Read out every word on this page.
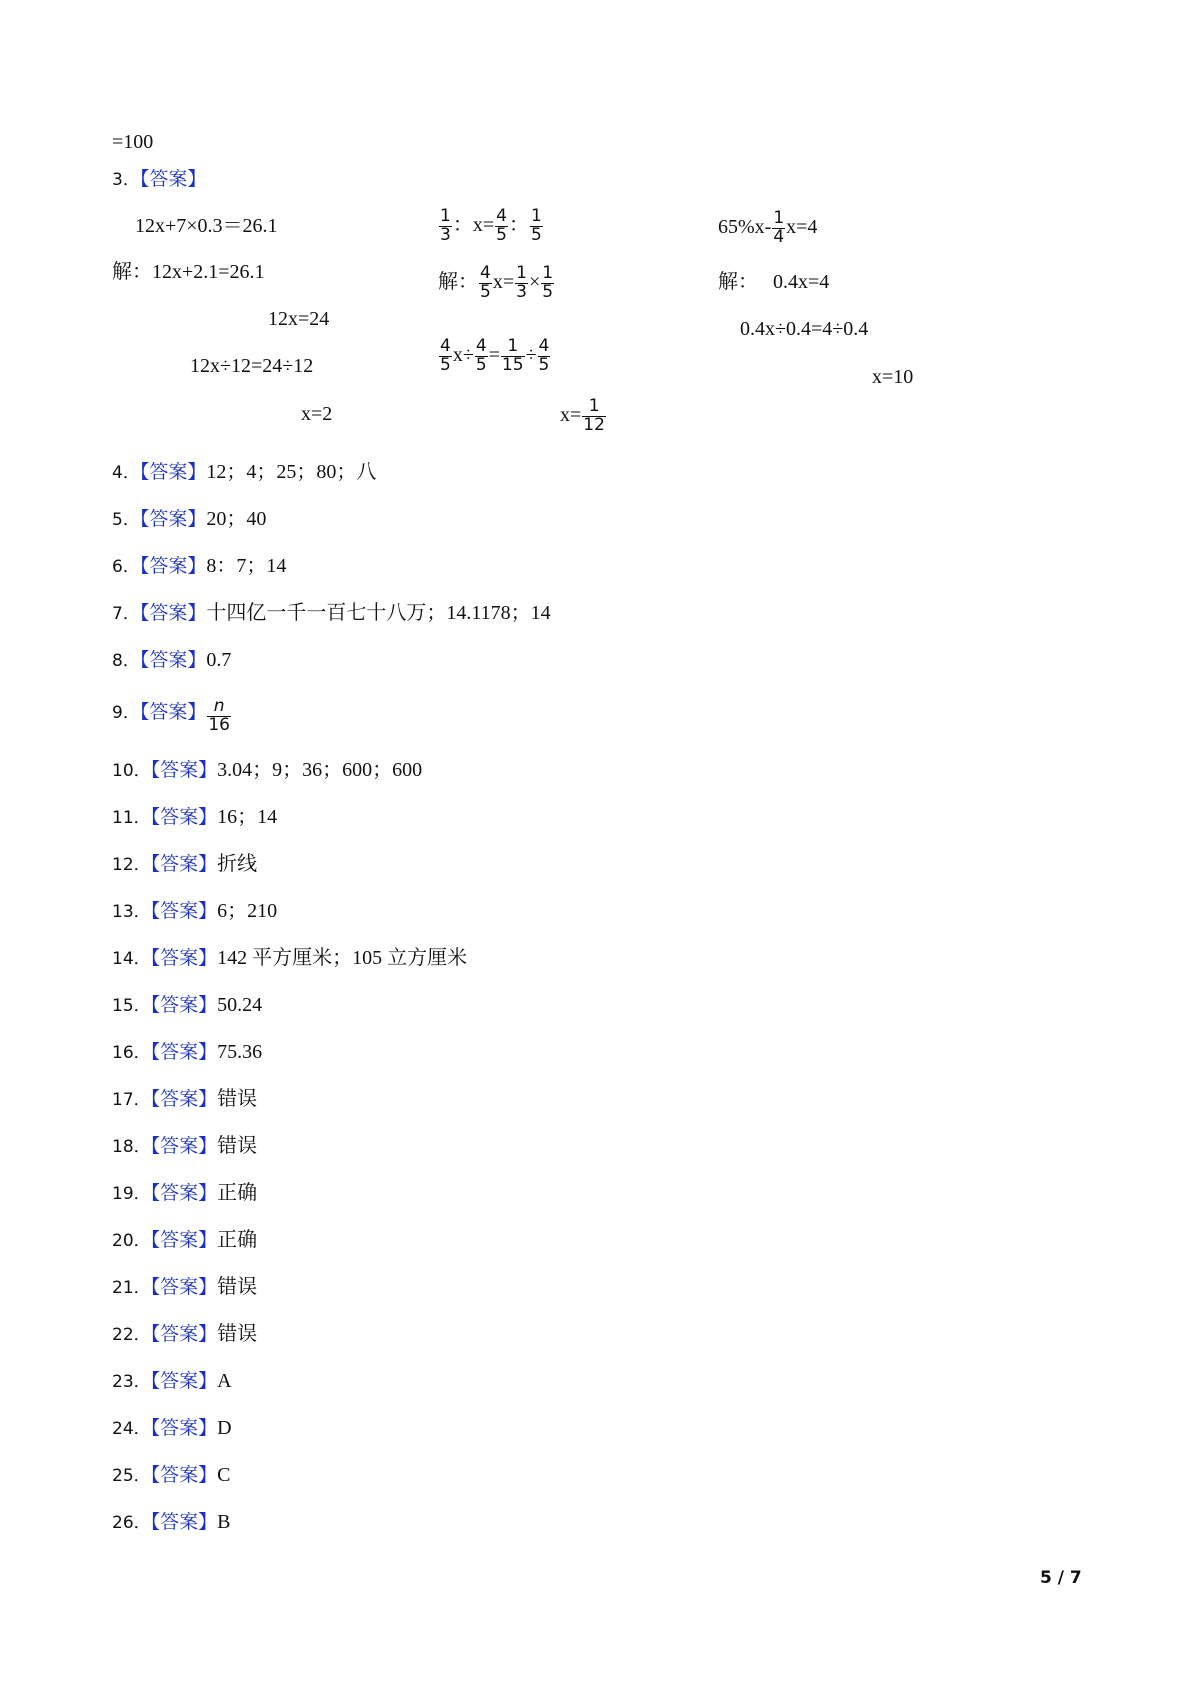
=100
3．【答案】
12x+7×0.3＝26.1
解：12x+2.1=26.1
12x=24
12x÷12=24÷12
x=2
$\frac{1}{3}$ ：$x= \frac{4}{5}$ ： $\frac{1}{5}$
解： $\frac{4}{5} x= \frac{1}{3} \times \frac{1}{5}$
$\frac{4}{5} x\div \frac{4}{5} = \frac{1}{15} \div \frac{4}{5}$
$x= \frac{1}{12}$
$65\%x- \frac{1}{4} x=4$
解：　 0.4x=4
0.4x÷0.4=4÷0.4
x=10
4．【答案】12；4；25；80；八
5．【答案】20；40
6．【答案】8：7；14
7．【答案】十四亿一千一百七十八万；14.1178；14
8．【答案】0.7
9．【答案】 $\frac{n}{16}$
10．【答案】3.04；9；36；600；600
11．【答案】16；14
12．【答案】折线
13．【答案】6；210
14．【答案】142 平方厘米；105 立方厘米
15．【答案】50.24
16．【答案】75.36
17．【答案】错误
18．【答案】错误
19．【答案】正确
20．【答案】正确
21．【答案】错误
22．【答案】错误
23．【答案】A
24．【答案】D
25．【答案】C
26．【答案】B
5 / 7
